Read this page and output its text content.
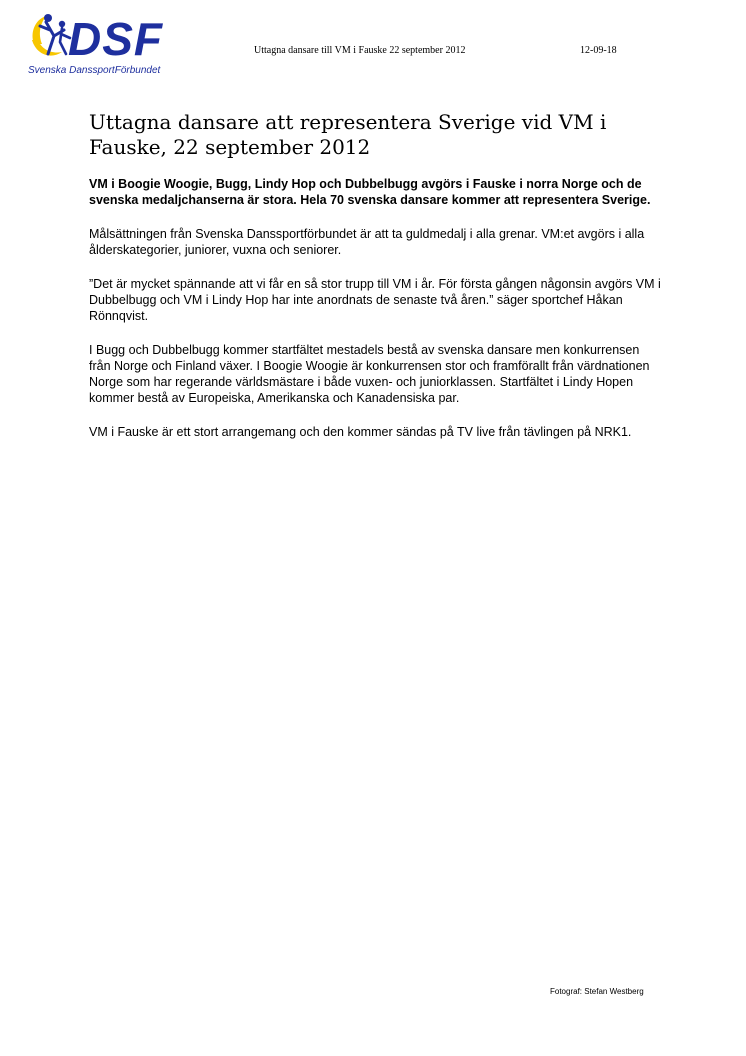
DSF
Svenska DanssportFörbundet
Uttagna dansare till VM i Fauske 22 september 2012	12-09-18
Uttagna dansare att representera Sverige vid VM i Fauske, 22 september 2012

VM i Boogie Woogie, Bugg, Lindy Hop och Dubbelbugg avgörs i Fauske i norra Norge och de svenska medaljchanserna är stora. Hela 70 svenska dansare kommer att representera Sverige.

Målsättningen från Svenska Danssportförbundet är att ta guldmedalj i alla grenar. VM:et avgörs i alla ålderskategorier, juniorer, vuxna och seniorer.

”Det är mycket spännande att vi får en så stor trupp till VM i år. För första gången någonsin avgörs VM i Dubbelbugg och VM i Lindy Hop har inte anordnats de senaste två åren.” säger sportchef Håkan Rönnqvist.

I Bugg och Dubbelbugg kommer startfältet mestadels bestå av svenska dansare men konkurrensen från Norge och Finland växer. I Boogie Woogie är konkurrensen stor och framförallt från värdnationen Norge som har regerande världsmästare i både vuxen- och juniorklassen. Startfältet i Lindy Hopen kommer bestå av Europeiska, Amerikanska och Kanadensiska par.

VM i Fauske är ett stort arrangemang och den kommer sändas på TV live från tävlingen på NRK1.

Fotograf: Stefan Westberg
